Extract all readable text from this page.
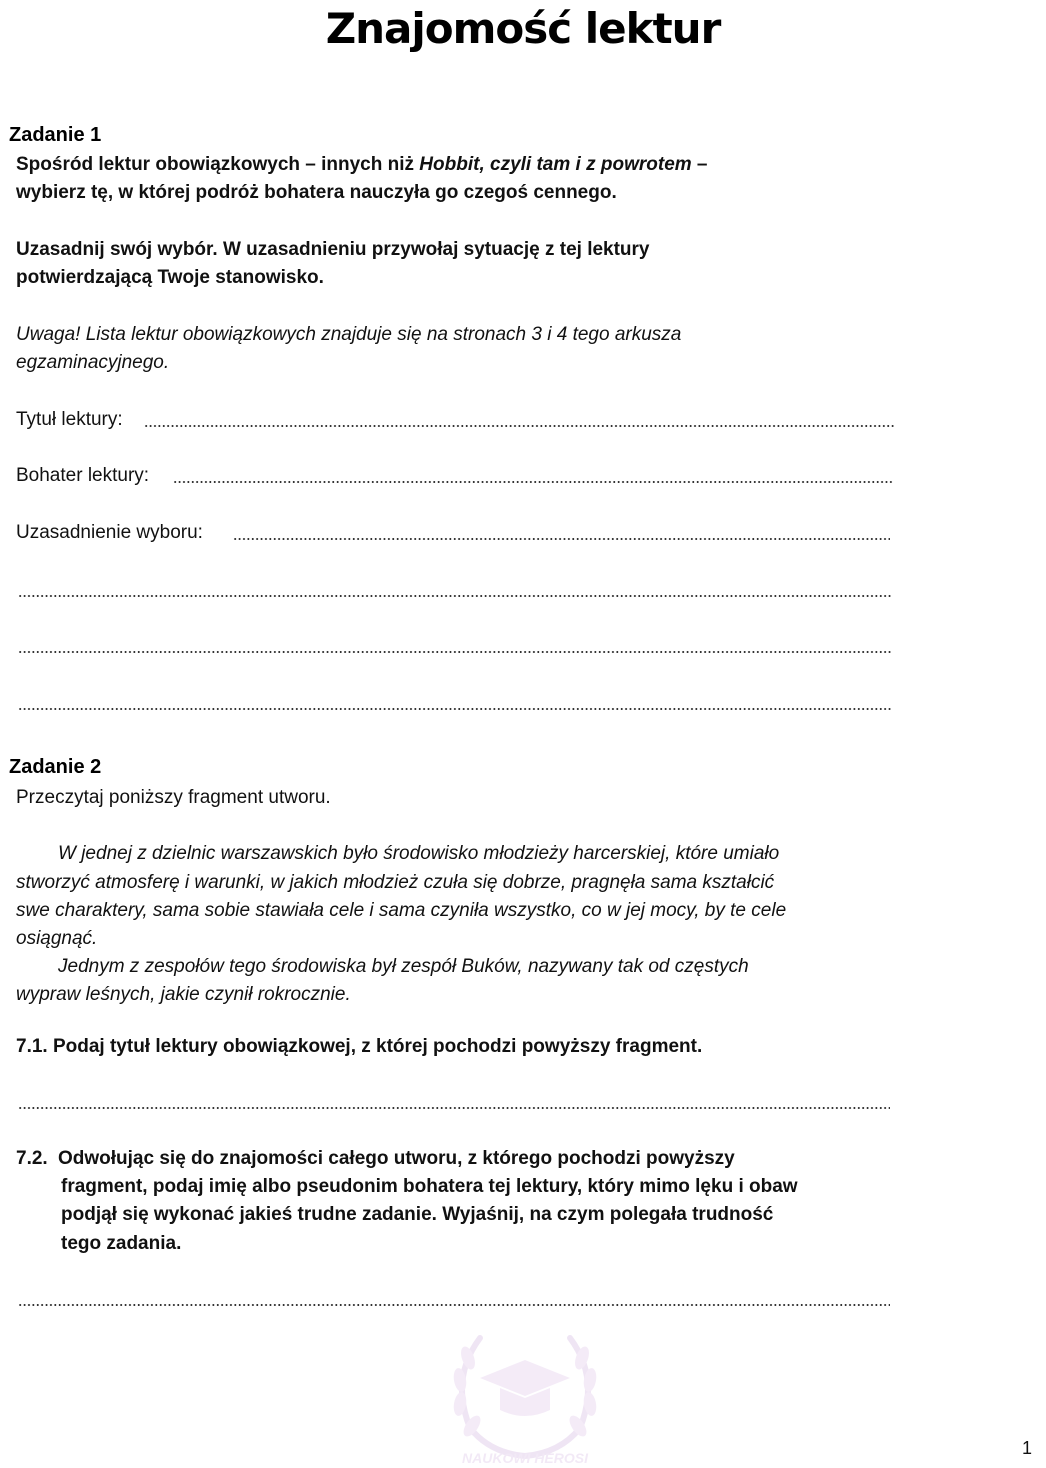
Znajomość lektur
Zadanie 1
Spośród lektur obowiązkowych – innych niż Hobbit, czyli tam i z powrotem –
wybierz tę, w której podróż bohatera nauczyła go czegoś cennego.
Uzasadnij swój wybór. W uzasadnieniu przywołaj sytuację z tej lektury
potwierdzającą Twoje stanowisko.
Uwaga! Lista lektur obowiązkowych znajduje się na stronach 3 i 4 tego arkusza
egzaminacyjnego.
Tytuł lektury:
Bohater lektury:
Uzasadnienie wyboru:
Zadanie 2
Przeczytaj poniższy fragment utworu.
W jednej z dzielnic warszawskich było środowisko młodzieży harcerskiej, które umiało
stworzyć atmosferę i warunki, w jakich młodzież czuła się dobrze, pragnęła sama kształcić
swe charaktery, sama sobie stawiała cele i sama czyniła wszystko, co w jej mocy, by te cele
osiągnąć.
Jednym z zespołów tego środowiska był zespół Buków, nazywany tak od częstych
wypraw leśnych, jakie czynił rokrocznie.
7.1. Podaj tytuł lektury obowiązkowej, z której pochodzi powyższy fragment.
7.2. Odwołując się do znajomości całego utworu, z którego pochodzi powyższy
fragment, podaj imię albo pseudonim bohatera tej lektury, który mimo lęku i obaw
podjął się wykonać jakieś trudne zadanie. Wyjaśnij, na czym polegała trudność
tego zadania.
NAUKOWI HEROSI	1
